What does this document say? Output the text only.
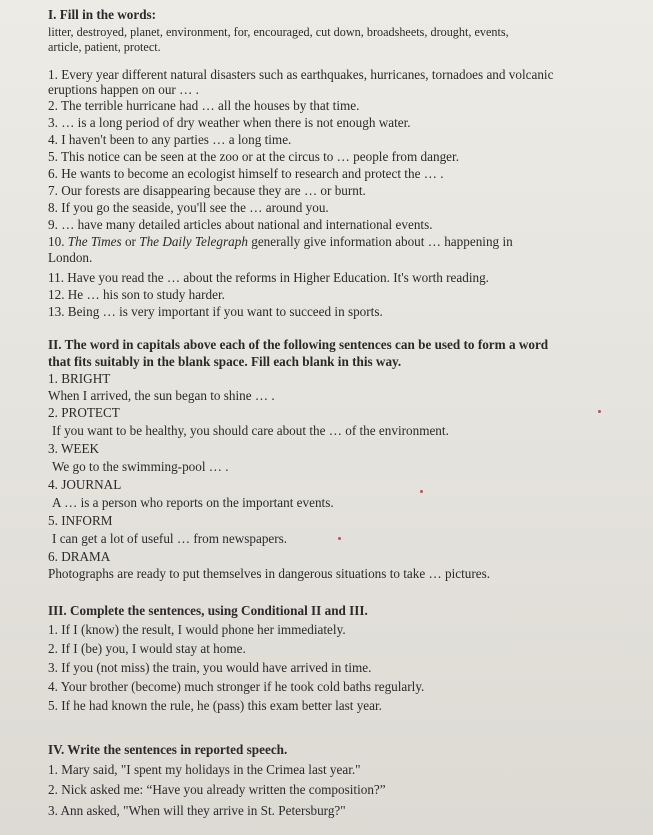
I. Fill in the words:
litter, destroyed, planet, environment, for, encouraged, cut down, broadsheets, drought, events,
article, patient, protect.
1. Every year different natural disasters such as earthquakes, hurricanes, tornadoes and volcanic
eruptions happen on our … .
2. The terrible hurricane had … all the houses by that time.
3. … is a long period of dry weather when there is not enough water.
4. I haven't been to any parties … a long time.
5. This notice can be seen at the zoo or at the circus to … people from danger.
6. He wants to become an ecologist himself to research and protect the … .
7. Our forests are disappearing because they are … or burnt.
8. If you go the seaside, you'll see the … around you.
9. … have many detailed articles about national and international events.
10. The Times or The Daily Telegraph generally give information about … happening in
London.
11. Have you read the … about the reforms in Higher Education. It's worth reading.
12. He … his son to study harder.
13. Being … is very important if you want to succeed in sports.
II. The word in capitals above each of the following sentences can be used to form a word
that fits suitably in the blank space. Fill each blank in this way.
1. BRIGHT
When I arrived, the sun began to shine … .
2. PROTECT
If you want to be healthy, you should care about the … of the environment.
3. WEEK
We go to the swimming-pool … .
4. JOURNAL
A … is a person who reports on the important events.
5. INFORM
I can get a lot of useful … from newspapers.
6. DRAMA
Photographs are ready to put themselves in dangerous situations to take … pictures.
III. Complete the sentences, using Conditional II and III.
1. If I (know) the result, I would phone her immediately.
2. If I (be) you, I would stay at home.
3. If you (not miss) the train, you would have arrived in time.
4. Your brother (become) much stronger if he took cold baths regularly.
5. If he had known the rule, he (pass) this exam better last year.
IV. Write the sentences in reported speech.
1. Mary said, "I spent my holidays in the Crimea last year."
2. Nick asked me: “Have you already written the composition?”
3. Ann asked, "When will they arrive in St. Petersburg?"
